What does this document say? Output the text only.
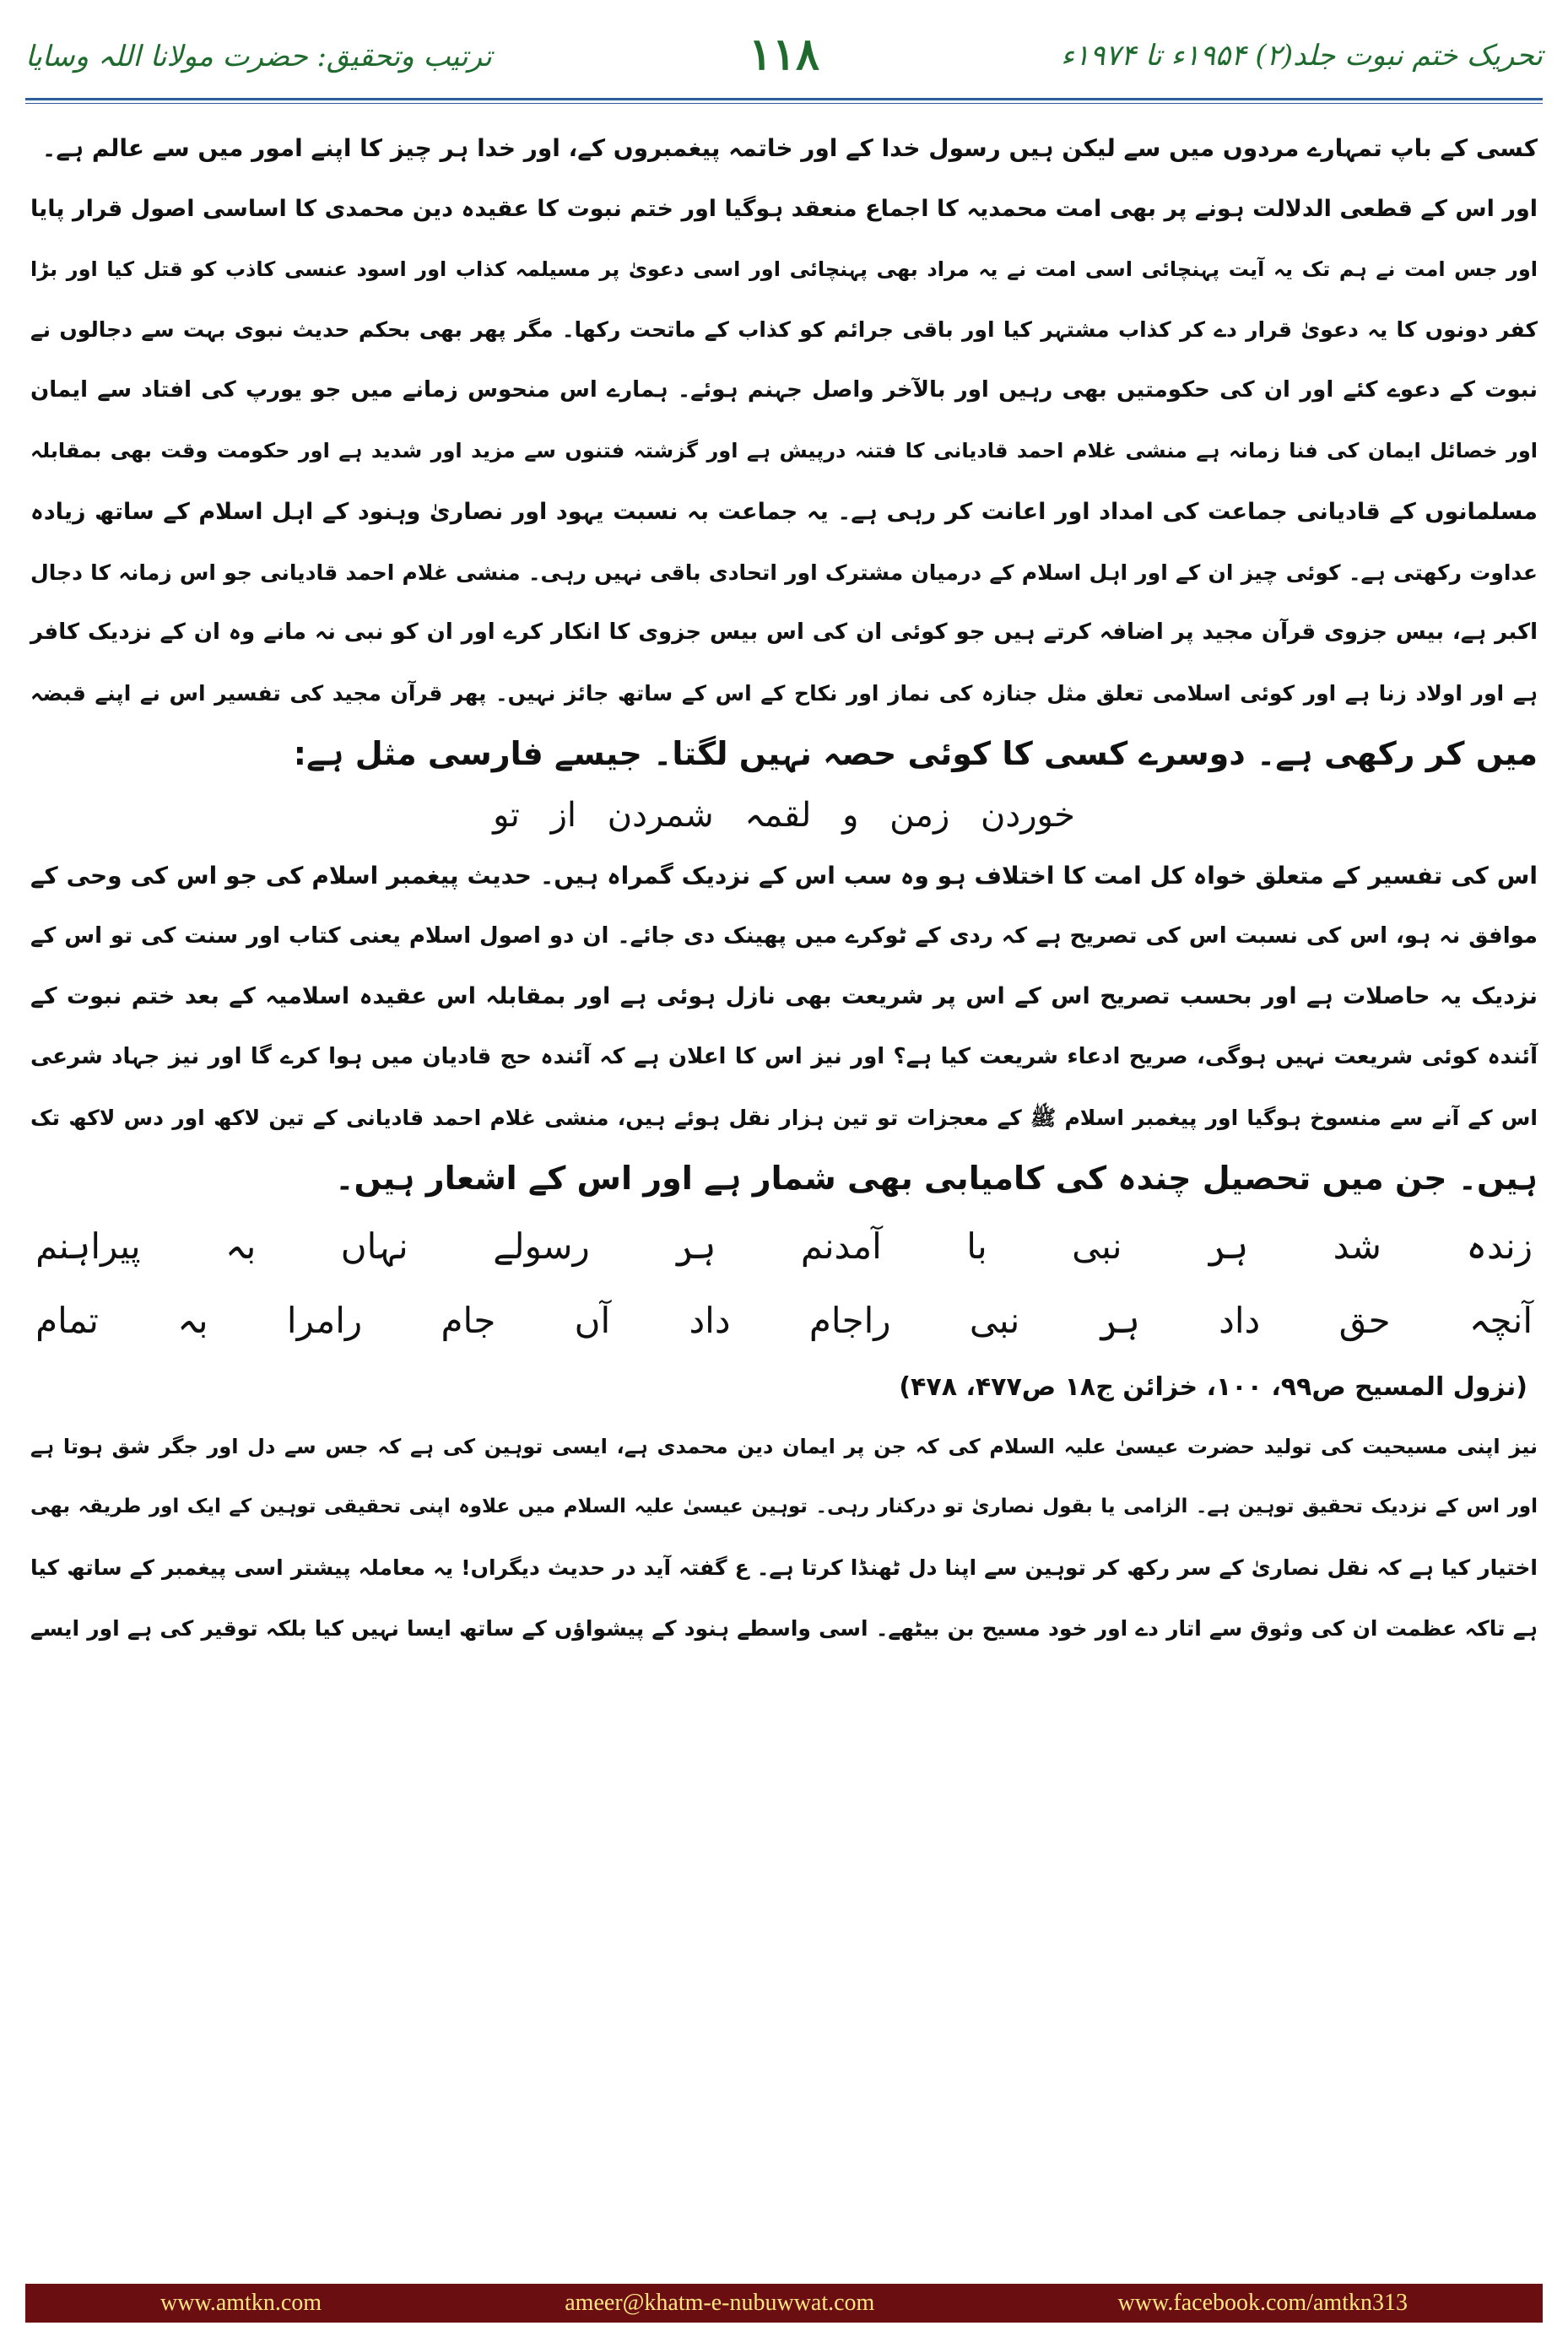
تحریک ختم نبوت جلد(۲) ۱۹۵۴ء تا ۱۹۷۴ء
۱۱۸
ترتیب وتحقیق: حضرت مولانا اللہ وسایا

کسی کے باپ تمہارے مردوں میں سے لیکن ہیں رسول خدا کے اور خاتمہ پیغمبروں کے، اور خدا ہر چیز کا اپنے امور میں سے عالم ہے۔

اور اس کے قطعی الدلالت ہونے پر بھی امت محمدیہ کا اجماع منعقد ہوگیا اور ختم نبوت کا عقیدہ دین محمدی کا اساسی اصول قرار پایا

اور جس امت نے ہم تک یہ آیت پہنچائی اسی امت نے یہ مراد بھی پہنچائی اور اسی دعویٰ پر مسیلمہ کذاب اور اسود عنسی کاذب کو قتل کیا اور بڑا

کفر دونوں کا یہ دعویٰ قرار دے کر کذاب مشتہر کیا اور باقی جرائم کو کذاب کے ماتحت رکھا۔ مگر پھر بھی بحکم حدیث نبوی بہت سے دجالوں نے

نبوت کے دعوے کئے اور ان کی حکومتیں بھی رہیں اور بالآخر واصل جہنم ہوئے۔ ہمارے اس منحوس زمانے میں جو یورپ کی افتاد سے ایمان

اور خصائل ایمان کی فنا زمانہ ہے منشی غلام احمد قادیانی کا فتنہ درپیش ہے اور گزشتہ فتنوں سے مزید اور شدید ہے اور حکومت وقت بھی بمقابلہ

مسلمانوں کے قادیانی جماعت کی امداد اور اعانت کر رہی ہے۔ یہ جماعت بہ نسبت یہود اور نصاریٰ وہنود کے اہل اسلام کے ساتھ زیادہ

عداوت رکھتی ہے۔ کوئی چیز ان کے اور اہل اسلام کے درمیان مشترک اور اتحادی باقی نہیں رہی۔ منشی غلام احمد قادیانی جو اس زمانہ کا دجال

اکبر ہے، بیس جزوی قرآن مجید پر اضافہ کرتے ہیں جو کوئی ان کی اس بیس جزوی کا انکار کرے اور ان کو نبی نہ مانے وہ ان کے نزدیک کافر

ہے اور اولاد زنا ہے اور کوئی اسلامی تعلق مثل جنازہ کی نماز اور نکاح کے اس کے ساتھ جائز نہیں۔ پھر قرآن مجید کی تفسیر اس نے اپنے قبضہ

میں کر رکھی ہے۔ دوسرے کسی کا کوئی حصہ نہیں لگتا۔ جیسے فارسی مثل ہے:

خوردن زمن و لقمہ شمردن از تو

اس کی تفسیر کے متعلق خواہ کل امت کا اختلاف ہو وہ سب اس کے نزدیک گمراہ ہیں۔ حدیث پیغمبر اسلام کی جو اس کی وحی کے

موافق نہ ہو، اس کی نسبت اس کی تصریح ہے کہ ردی کے ٹوکرے میں پھینک دی جائے۔ ان دو اصول اسلام یعنی کتاب اور سنت کی تو اس کے

نزدیک یہ حاصلات ہے اور بحسب تصریح اس کے اس پر شریعت بھی نازل ہوئی ہے اور بمقابلہ اس عقیدہ اسلامیہ کے بعد ختم نبوت کے

آئندہ کوئی شریعت نہیں ہوگی، صریح ادعاء شریعت کیا ہے؟ اور نیز اس کا اعلان ہے کہ آئندہ حج قادیان میں ہوا کرے گا اور نیز جہاد شرعی

اس کے آنے سے منسوخ ہوگیا اور پیغمبر اسلام ﷺ کے معجزات تو تین ہزار نقل ہوئے ہیں، منشی غلام احمد قادیانی کے تین لاکھ اور دس لاکھ تک

ہیں۔ جن میں تحصیل چندہ کی کامیابی بھی شمار ہے اور اس کے اشعار ہیں۔

زندہ
شد
ہر
نبی
با
آمدنم
ہر
رسولے
نہاں
بہ
پیراہنم
آنچہ
حق
داد
ہر
نبی
راجام
داد
آں
جام
رامرا
بہ
تمام
(نزول المسیح ص۹۹، ۱۰۰، خزائن ج۱۸ ص۴۷۷، ۴۷۸)

نیز اپنی مسیحیت کی تولید حضرت عیسیٰ علیہ السلام کی کہ جن پر ایمان دین محمدی ہے، ایسی توہین کی ہے کہ جس سے دل اور جگر شق ہوتا ہے

اور اس کے نزدیک تحقیق توہین ہے۔ الزامی یا بقول نصاریٰ تو درکنار رہی۔ توہین عیسیٰ علیہ السلام میں علاوہ اپنی تحقیقی توہین کے ایک اور طریقہ بھی

اختیار کیا ہے کہ نقل نصاریٰ کے سر رکھ کر توہین سے اپنا دل ٹھنڈا کرتا ہے۔ ع گفتہ آید در حدیث دیگراں! یہ معاملہ پیشتر اسی پیغمبر کے ساتھ کیا

ہے تاکہ عظمت ان کی وثوق سے اتار دے اور خود مسیح بن بیٹھے۔ اسی واسطے ہنود کے پیشواؤں کے ساتھ ایسا نہیں کیا بلکہ توقیر کی ہے اور ایسے

www.amtkn.com	ameer@khatm-e-nubuwwat.com	www.facebook.com/amtkn313
